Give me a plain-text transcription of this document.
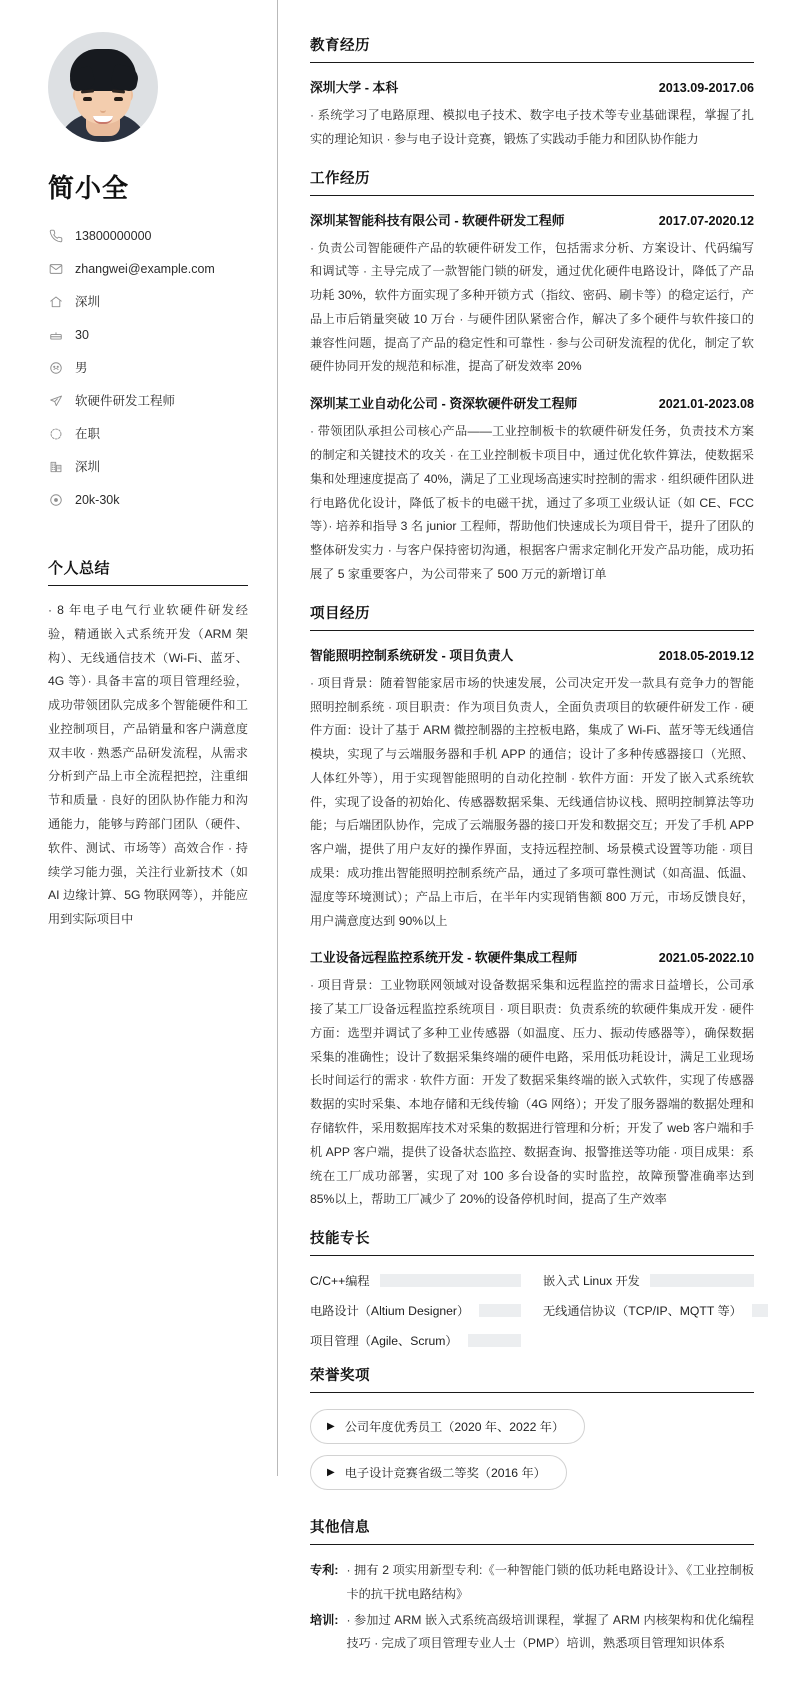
简小全
13800000000
zhangwei@example.com
深圳
30
男
软硬件研发工程师
在职
深圳
20k-30k
个人总结

· 8 年电子电气行业软硬件研发经验，精通嵌入式系统开发（ARM 架构）、无线通信技术（Wi-Fi、蓝牙、4G 等）· 具备丰富的项目管理经验，成功带领团队完成多个智能硬件和工业控制项目，产品销量和客户满意度双丰收 · 熟悉产品研发流程，从需求分析到产品上市全流程把控，注重细节和质量 · 良好的团队协作能力和沟通能力，能够与跨部门团队（硬件、软件、测试、市场等）高效合作 · 持续学习能力强，关注行业新技术（如 AI 边缘计算、5G 物联网等），并能应用到实际项目中

教育经历
深圳大学 - 本科	2013.09-2017.06

· 系统学习了电路原理、模拟电子技术、数字电子技术等专业基础课程，掌握了扎实的理论知识 · 参与电子设计竞赛，锻炼了实践动手能力和团队协作能力

工作经历
深圳某智能科技有限公司 - 软硬件研发工程师	2017.07-2020.12

· 负责公司智能硬件产品的软硬件研发工作，包括需求分析、方案设计、代码编写和调试等 · 主导完成了一款智能门锁的研发，通过优化硬件电路设计，降低了产品功耗 30%，软件方面实现了多种开锁方式（指纹、密码、刷卡等）的稳定运行，产品上市后销量突破 10 万台 · 与硬件团队紧密合作，解决了多个硬件与软件接口的兼容性问题，提高了产品的稳定性和可靠性 · 参与公司研发流程的优化，制定了软硬件协同开发的规范和标准，提高了研发效率 20%

深圳某工业自动化公司 - 资深软硬件研发工程师	2021.01-2023.08

· 带领团队承担公司核心产品——工业控制板卡的软硬件研发任务，负责技术方案的制定和关键技术的攻关 · 在工业控制板卡项目中，通过优化软件算法，使数据采集和处理速度提高了 40%，满足了工业现场高速实时控制的需求 · 组织硬件团队进行电路优化设计，降低了板卡的电磁干扰，通过了多项工业级认证（如 CE、FCC 等）· 培养和指导 3 名 junior 工程师，帮助他们快速成长为项目骨干，提升了团队的整体研发实力 · 与客户保持密切沟通，根据客户需求定制化开发产品功能，成功拓展了 5 家重要客户，为公司带来了 500 万元的新增订单

项目经历
智能照明控制系统研发 - 项目负责人	2018.05-2019.12

· 项目背景：随着智能家居市场的快速发展，公司决定开发一款具有竞争力的智能照明控制系统 · 项目职责：作为项目负责人，全面负责项目的软硬件研发工作 · 硬件方面：设计了基于 ARM 微控制器的主控板电路，集成了 Wi-Fi、蓝牙等无线通信模块，实现了与云端服务器和手机 APP 的通信；设计了多种传感器接口（光照、人体红外等），用于实现智能照明的自动化控制 · 软件方面：开发了嵌入式系统软件，实现了设备的初始化、传感器数据采集、无线通信协议栈、照明控制算法等功能；与后端团队协作，完成了云端服务器的接口开发和数据交互；开发了手机 APP 客户端，提供了用户友好的操作界面，支持远程控制、场景模式设置等功能 · 项目成果：成功推出智能照明控制系统产品，通过了多项可靠性测试（如高温、低温、湿度等环境测试）；产品上市后，在半年内实现销售额 800 万元，市场反馈良好，用户满意度达到 90%以上

工业设备远程监控系统开发 - 软硬件集成工程师	2021.05-2022.10

· 项目背景：工业物联网领域对设备数据采集和远程监控的需求日益增长，公司承接了某工厂设备远程监控系统项目 · 项目职责：负责系统的软硬件集成开发 · 硬件方面：选型并调试了多种工业传感器（如温度、压力、振动传感器等），确保数据采集的准确性；设计了数据采集终端的硬件电路，采用低功耗设计，满足工业现场长时间运行的需求 · 软件方面：开发了数据采集终端的嵌入式软件，实现了传感器数据的实时采集、本地存储和无线传输（4G 网络）；开发了服务器端的数据处理和存储软件，采用数据库技术对采集的数据进行管理和分析；开发了 web 客户端和手机 APP 客户端，提供了设备状态监控、数据查询、报警推送等功能 · 项目成果：系统在工厂成功部署，实现了对 100 多台设备的实时监控，故障预警准确率达到 85%以上，帮助工厂减少了 20%的设备停机时间，提高了生产效率

技能专长
C/C++编程	嵌入式 Linux 开发
电路设计（Altium Designer）	无线通信协议（TCP/IP、MQTT 等）
项目管理（Agile、Scrum）
荣誉奖项
▶ 公司年度优秀员工（2020 年、2022 年）
▶ 电子设计竞赛省级二等奖（2016 年）
其他信息
专利: · 拥有 2 项实用新型专利:《一种智能门锁的低功耗电路设计》、《工业控制板卡的抗干扰电路结构》
培训: · 参加过 ARM 嵌入式系统高级培训课程，掌握了 ARM 内核架构和优化编程技巧 · 完成了项目管理专业人士（PMP）培训，熟悉项目管理知识体系
